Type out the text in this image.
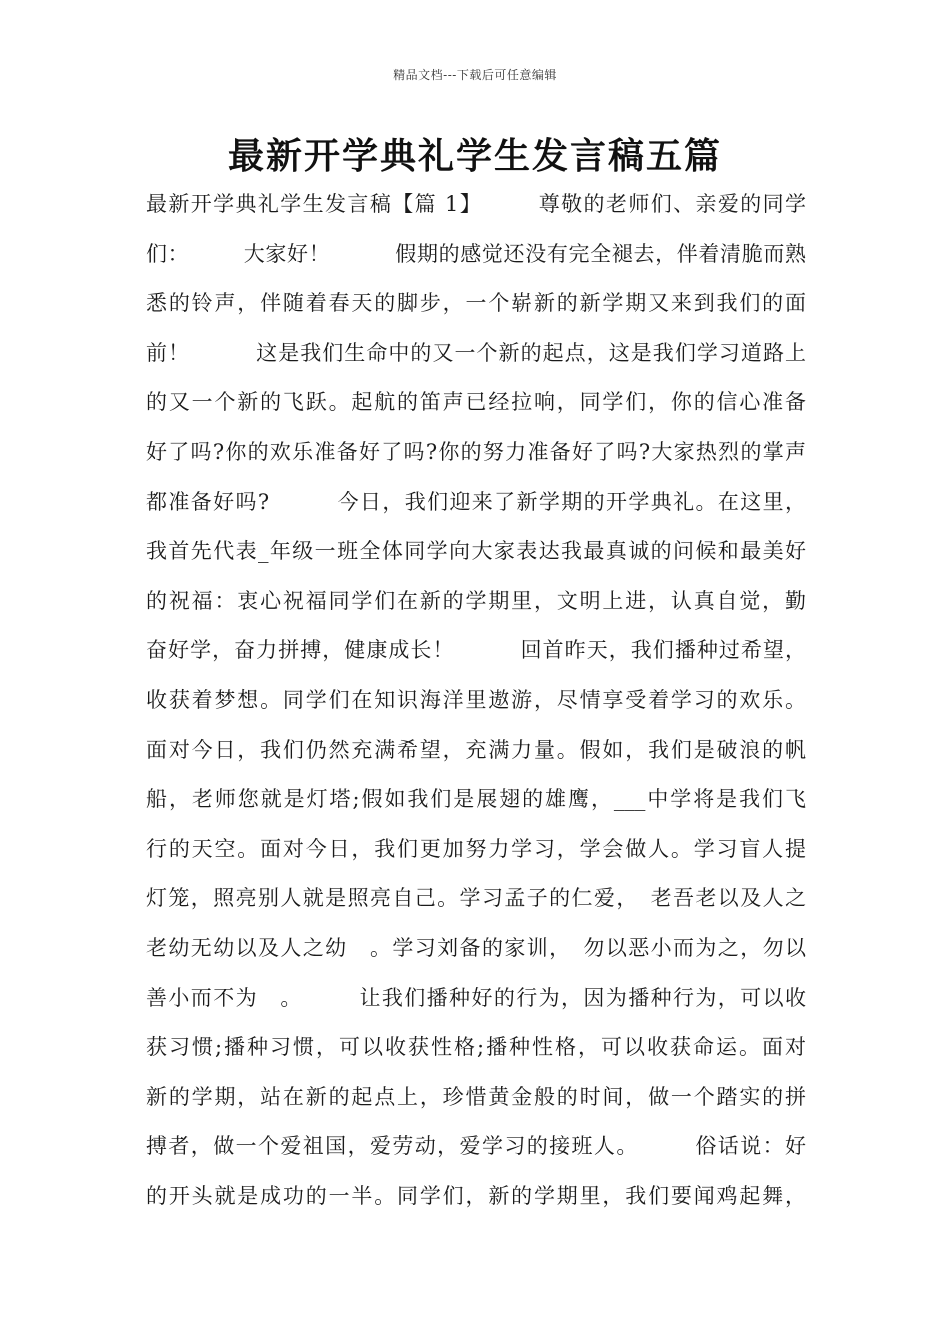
精品文档---下载后可任意编辑
最新开学典礼学生发言稿五篇
最新开学典礼学生发言稿【篇 1】　　　尊敬的老师们、亲爱的同学
们：　　　大家好！　　　假期的感觉还没有完全褪去，伴着清脆而熟
悉的铃声，伴随着春天的脚步，一个崭新的新学期又来到我们的面
前！　　　这是我们生命中的又一个新的起点，这是我们学习道路上
的又一个新的飞跃。起航的笛声已经拉响，同学们，你的信心准备
好了吗?你的欢乐准备好了吗?你的努力准备好了吗?大家热烈的掌声
都准备好吗?　　　今日，我们迎来了新学期的开学典礼。在这里，
我首先代表_年级一班全体同学向大家表达我最真诚的问候和最美好
的祝福：衷心祝福同学们在新的学期里，文明上进，认真自觉，勤
奋好学，奋力拼搏，健康成长！　　　回首昨天，我们播种过希望，
收获着梦想。同学们在知识海洋里遨游，尽情享受着学习的欢乐。
面对今日，我们仍然充满希望，充满力量。假如，我们是破浪的帆
船，老师您就是灯塔;假如我们是展翅的雄鹰，___中学将是我们飞
行的天空。面对今日，我们更加努力学习，学会做人。学习盲人提
灯笼，照亮别人就是照亮自己。学习孟子的仁爱，　老吾老以及人之
老幼无幼以及人之幼　。学习刘备的家训，　勿以恶小而为之，勿以
善小而不为　。　　　让我们播种好的行为，因为播种行为，可以收
获习惯;播种习惯，可以收获性格;播种性格，可以收获命运。面对
新的学期，站在新的起点上，珍惜黄金般的时间，做一个踏实的拼
搏者，做一个爱祖国，爱劳动，爱学习的接班人。　　　俗话说：好
的开头就是成功的一半。同学们，新的学期里，我们要闻鸡起舞，
